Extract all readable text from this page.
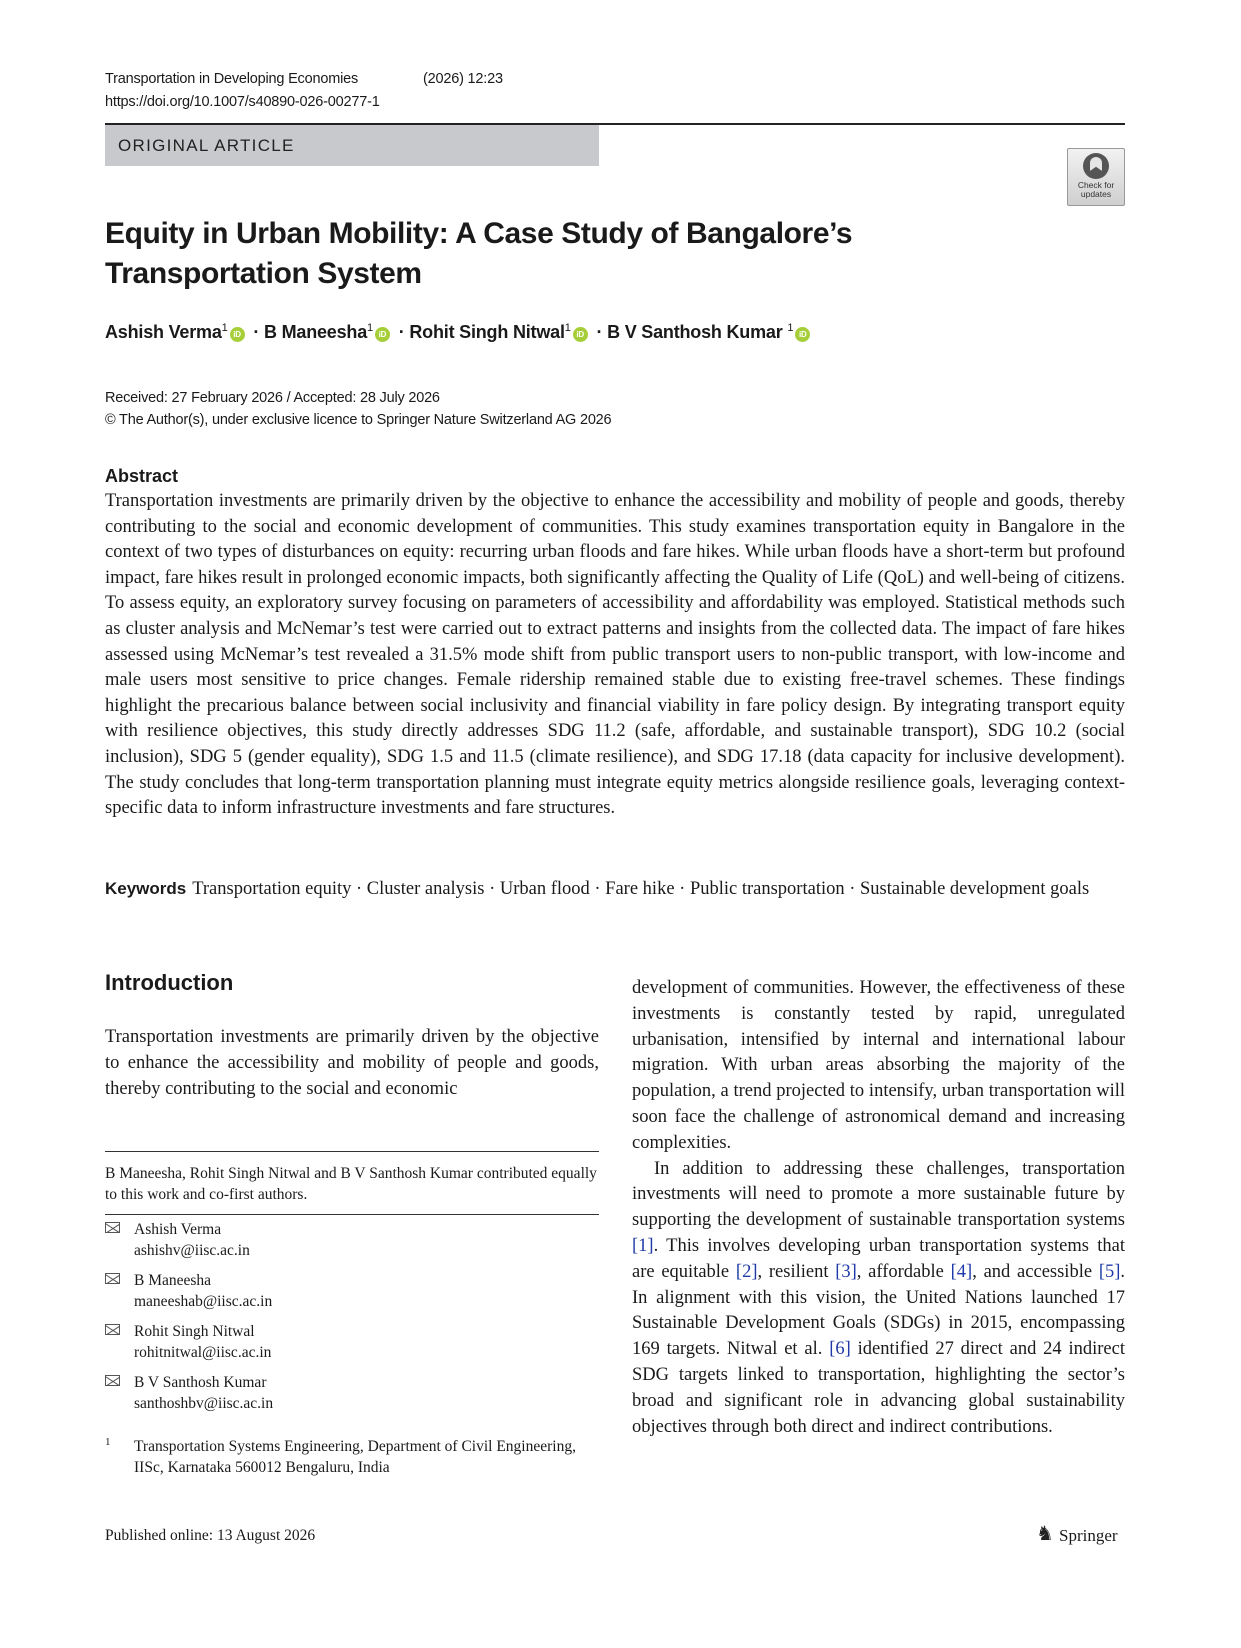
Transportation in Developing Economies	(2026) 12:23
https://doi.org/10.1007/s40890-026-00277-1
ORIGINAL ARTICLE
Check for updates
Equity in Urban Mobility: A Case Study of Bangalore’s Transportation System
Ashish Verma$^1$iD · B Maneesha$^1$iD · Rohit Singh Nitwal$^1$iD · B V Santhosh Kumar $^1$iD
Received: 27 February 2026 / Accepted: 28 July 2026
© The Author(s), under exclusive licence to Springer Nature Switzerland AG 2026
Abstract

Transportation investments are primarily driven by the objective to enhance the accessibility and mobility of people and goods, thereby contributing to the social and economic development of communities. This study examines transportation equity in Bangalore in the context of two types of disturbances on equity: recurring urban floods and fare hikes. While urban floods have a short-term but profound impact, fare hikes result in prolonged economic impacts, both significantly affecting the Quality of Life (QoL) and well-being of citizens. To assess equity, an exploratory survey focusing on parameters of accessibility and affordability was employed. Statistical methods such as cluster analysis and McNemar’s test were carried out to extract patterns and insights from the collected data. The impact of fare hikes assessed using McNemar’s test revealed a 31.5% mode shift from public transport users to non-public transport, with low-income and male users most sensitive to price changes. Female ridership remained stable due to existing free-travel schemes. These findings highlight the precarious balance between social inclusivity and financial viability in fare policy design. By integrating transport equity with resilience objectives, this study directly addresses SDG 11.2 (safe, affordable, and sustainable transport), SDG 10.2 (social inclusion), SDG 5 (gender equality), SDG 1.5 and 11.5 (climate resilience), and SDG 17.18 (data capacity for inclusive development). The study concludes that long-term transportation planning must integrate equity metrics alongside resilience goals, leveraging context-specific data to inform infrastructure investments and fare structures.

Keywords Transportation equity · Cluster analysis · Urban flood · Fare hike · Public transportation · Sustainable development goals
Introduction

Transportation investments are primarily driven by the objective to enhance the accessibility and mobility of people and goods, thereby contributing to the social and economic

B Maneesha, Rohit Singh Nitwal and B V Santhosh Kumar contributed equally to this work and co-first authors.
Ashish Verma
ashishv@iisc.ac.in
B Maneesha
maneeshab@iisc.ac.in
Rohit Singh Nitwal
rohitnitwal@iisc.ac.in
B V Santhosh Kumar
santhoshbv@iisc.ac.in
1 Transportation Systems Engineering, Department of Civil Engineering, IISc, Karnataka 560012 Bengaluru, India

development of communities. However, the effectiveness of these investments is constantly tested by rapid, unregulated urbanisation, intensified by internal and international labour migration. With urban areas absorbing the majority of the population, a trend projected to intensify, urban transportation will soon face the challenge of astronomical demand and increasing complexities.

In addition to addressing these challenges, transportation investments will need to promote a more sustainable future by supporting the development of sustainable transportation systems [1]. This involves developing urban transportation systems that are equitable [2], resilient [3], affordable [4], and accessible [5]. In alignment with this vision, the United Nations launched 17 Sustainable Development Goals (SDGs) in 2015, encompassing 169 targets. Nitwal et al. [6] identified 27 direct and 24 indirect SDG targets linked to transportation, highlighting the sector’s broad and significant role in advancing global sustainability objectives through both direct and indirect contributions.

Published online: 13 August 2026
♞	Springer
